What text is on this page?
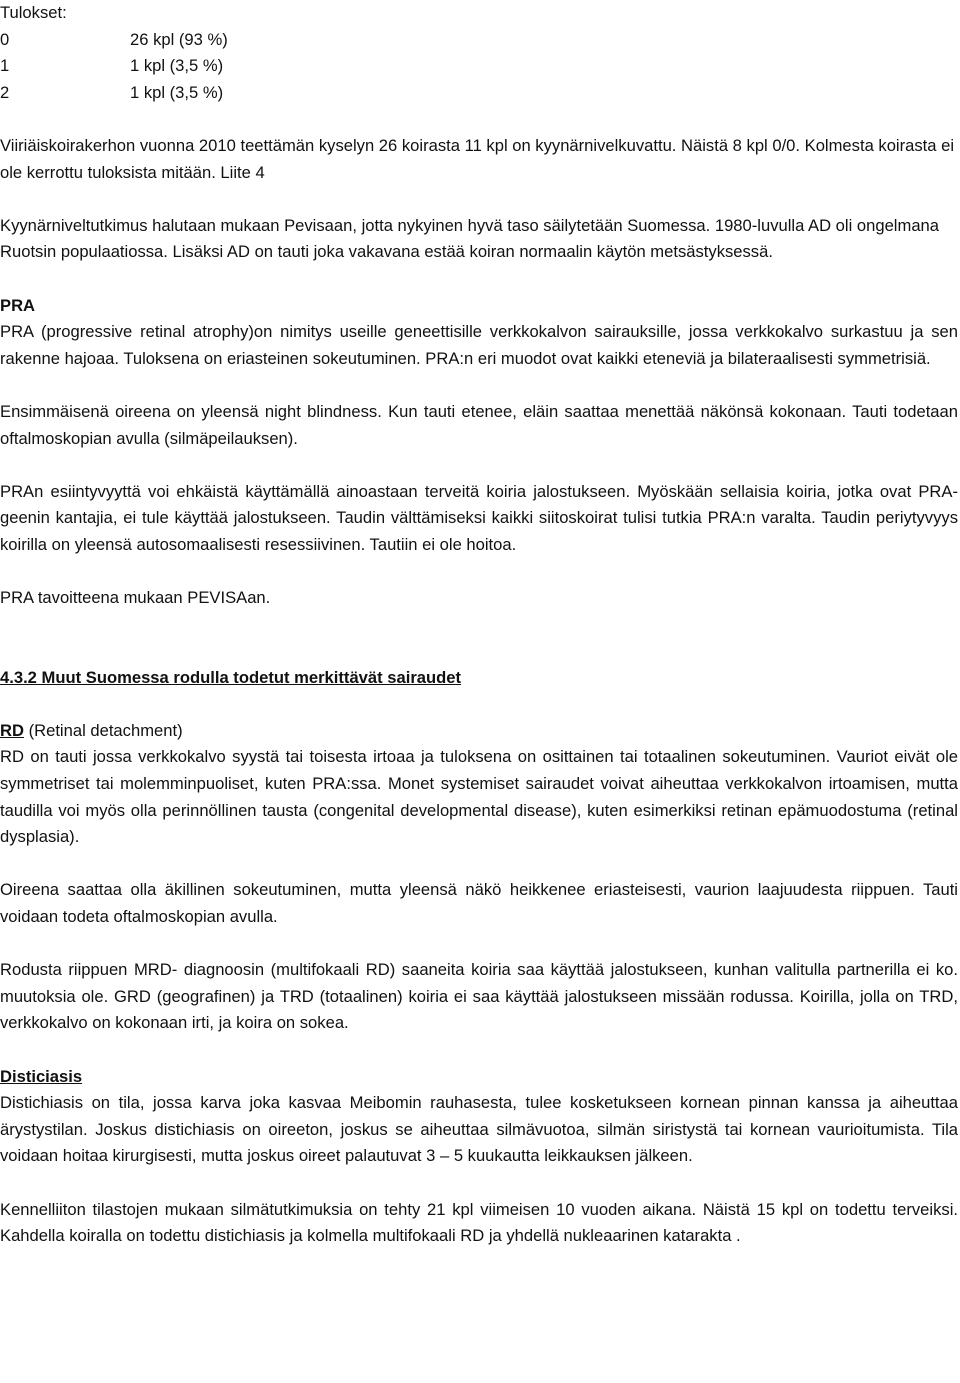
Tulokset:
0	26 kpl (93 %)
1	1 kpl (3,5 %)
2	1 kpl (3,5 %)

Viiriäiskoirakerhon vuonna 2010 teettämän kyselyn 26 koirasta 11 kpl on kyynärnivelkuvattu. Näistä 8 kpl 0/0. Kolmesta koirasta ei ole kerrottu tuloksista mitään. Liite 4

Kyynärniveltutkimus halutaan mukaan Pevisaan, jotta nykyinen hyvä taso säilytetään Suomessa. 1980-luvulla AD oli ongelmana Ruotsin populaatiossa. Lisäksi AD on tauti joka vakavana estää koiran normaalin käytön metsästyksessä.

PRA

PRA (progressive retinal atrophy)on nimitys useille geneettisille verkkokalvon sairauksille, jossa verkkokalvo surkastuu ja sen rakenne hajoaa. Tuloksena on eriasteinen sokeutuminen. PRA:n eri muodot ovat kaikki eteneviä ja bilateraalisesti symmetrisiä.

Ensimmäisenä oireena on yleensä night blindness. Kun tauti etenee, eläin saattaa menettää näkönsä kokonaan. Tauti todetaan oftalmoskopian avulla (silmäpeilauksen).

PRAn esiintyvyyttä voi ehkäistä käyttämällä ainoastaan terveitä koiria jalostukseen. Myöskään sellaisia koiria, jotka ovat PRA-geenin kantajia, ei tule käyttää jalostukseen. Taudin välttämiseksi kaikki siitoskoirat tulisi tutkia PRA:n varalta. Taudin periytyvyys koirilla on yleensä autosomaalisesti resessiivinen. Tautiin ei ole hoitoa.

PRA tavoitteena mukaan PEVISAan.

4.3.2 Muut Suomessa rodulla todetut merkittävät sairaudet

RD (Retinal detachment)

RD on tauti jossa verkkokalvo syystä tai toisesta irtoaa ja tuloksena on osittainen tai totaalinen sokeutuminen. Vauriot eivät ole symmetriset tai molemminpuoliset, kuten PRA:ssa. Monet systemiset sairaudet voivat aiheuttaa verkkokalvon irtoamisen, mutta taudilla voi myös olla perinnöllinen tausta (congenital developmental disease), kuten esimerkiksi retinan epämuodostuma (retinal dysplasia).

Oireena saattaa olla äkillinen sokeutuminen, mutta yleensä näkö heikkenee eriasteisesti, vaurion laajuudesta riippuen. Tauti voidaan todeta oftalmoskopian avulla.

Rodusta riippuen MRD- diagnoosin (multifokaali RD) saaneita koiria saa käyttää jalostukseen, kunhan valitulla partnerilla ei ko. muutoksia ole. GRD (geografinen) ja TRD (totaalinen) koiria ei saa käyttää jalostukseen missään rodussa. Koirilla, jolla on TRD, verkkokalvo on kokonaan irti, ja koira on sokea.

Disticiasis

Distichiasis on tila, jossa karva joka kasvaa Meibomin rauhasesta, tulee kosketukseen kornean pinnan kanssa ja aiheuttaa ärystystilan. Joskus distichiasis on oireeton, joskus se aiheuttaa silmävuotoa, silmän siristystä tai kornean vaurioitumista. Tila voidaan hoitaa kirurgisesti, mutta joskus oireet palautuvat 3 – 5 kuukautta leikkauksen jälkeen.

Kennelliiton tilastojen mukaan silmätutkimuksia on tehty 21 kpl viimeisen 10 vuoden aikana. Näistä 15 kpl on todettu terveiksi. Kahdella koiralla on todettu distichiasis ja kolmella multifokaali RD ja yhdellä nukleaarinen katarakta .
